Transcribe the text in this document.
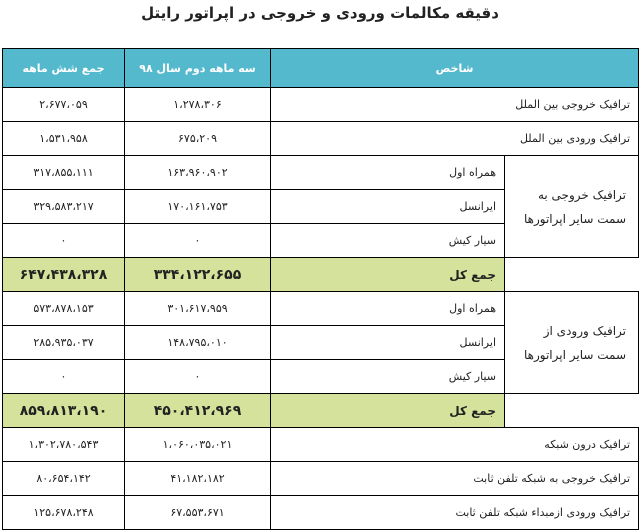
دقیقه مکالمات ورودی و خروجی در اپراتور رایتل
جمع شش ماهه	سه ماهه دوم سال ۹۸	شاخص	
۲،۶۷۷،۰۵۹	۱،۲۷۸،۳۰۶	ترافیک خروجی بین الملل	
۱،۵۳۱،۹۵۸	۶۷۵،۲۰۹	ترافیک ورودی بین الملل	
۳۱۷،۸۵۵،۱۱۱	۱۶۳،۹۶۰،۹۰۲	همراه اول	ترافیک خروجی به سمت سایر اپراتورها
۳۲۹،۵۸۳،۲۱۷	۱۷۰،۱۶۱،۷۵۳	ایرانسل	
۰	۰	سیار کیش	
۶۴۷،۴۳۸،۳۲۸	۳۳۴،۱۲۲،۶۵۵	جمع کل	
۵۷۳،۸۷۸،۱۵۳	۳۰۱،۶۱۷،۹۵۹	همراه اول	ترافیک ورودی از سمت سایر اپراتورها
۲۸۵،۹۳۵،۰۳۷	۱۴۸،۷۹۵،۰۱۰	ایرانسل	
۰	۰	سیار کیش	
۸۵۹،۸۱۳،۱۹۰	۴۵۰،۴۱۲،۹۶۹	جمع کل	
۱،۳۰۲،۷۸۰،۵۴۳	۱،۰۶۰،۰۳۵،۰۲۱	ترافیک درون شبکه	
۸۰،۶۵۴،۱۴۲	۴۱،۱۸۲،۱۸۲	ترافیک خروجی به شبکه تلفن ثابت	
۱۲۵،۶۷۸،۲۴۸	۶۷،۵۵۳،۶۷۱	ترافیک ورودی ازمبداء شبکه تلفن ثابت	
